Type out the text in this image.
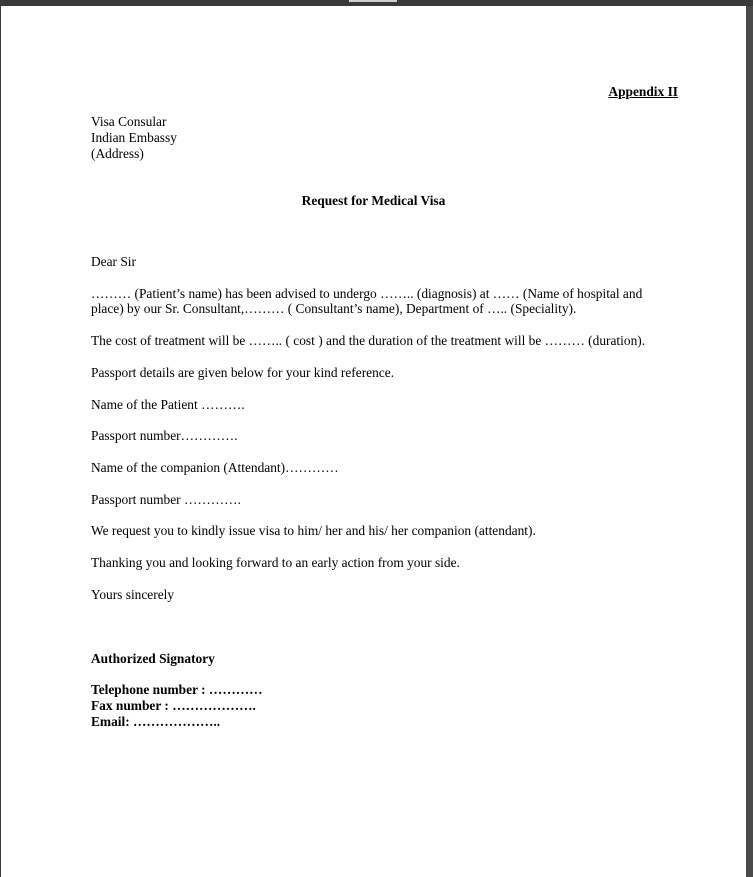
Appendix II
Visa Consular
Indian Embassy
(Address)
Request for Medical Visa
Dear Sir
……… (Patient’s name) has been advised to undergo …….. (diagnosis) at …… (Name of hospital and
place) by our Sr. Consultant,……… ( Consultant’s name), Department of ….. (Speciality).
The cost of treatment will be …….. ( cost ) and the duration of the treatment will be ……… (duration).
Passport details are given below for your kind reference.
Name of the Patient ……….
Passport number………….
Name of the companion (Attendant)…………
Passport number ………….
We request you to kindly issue visa to him/ her and his/ her companion (attendant).
Thanking you and looking forward to an early action from your side.
Yours sincerely
Authorized Signatory
Telephone number : …………
Fax number : ……………….
Email: ………………..
